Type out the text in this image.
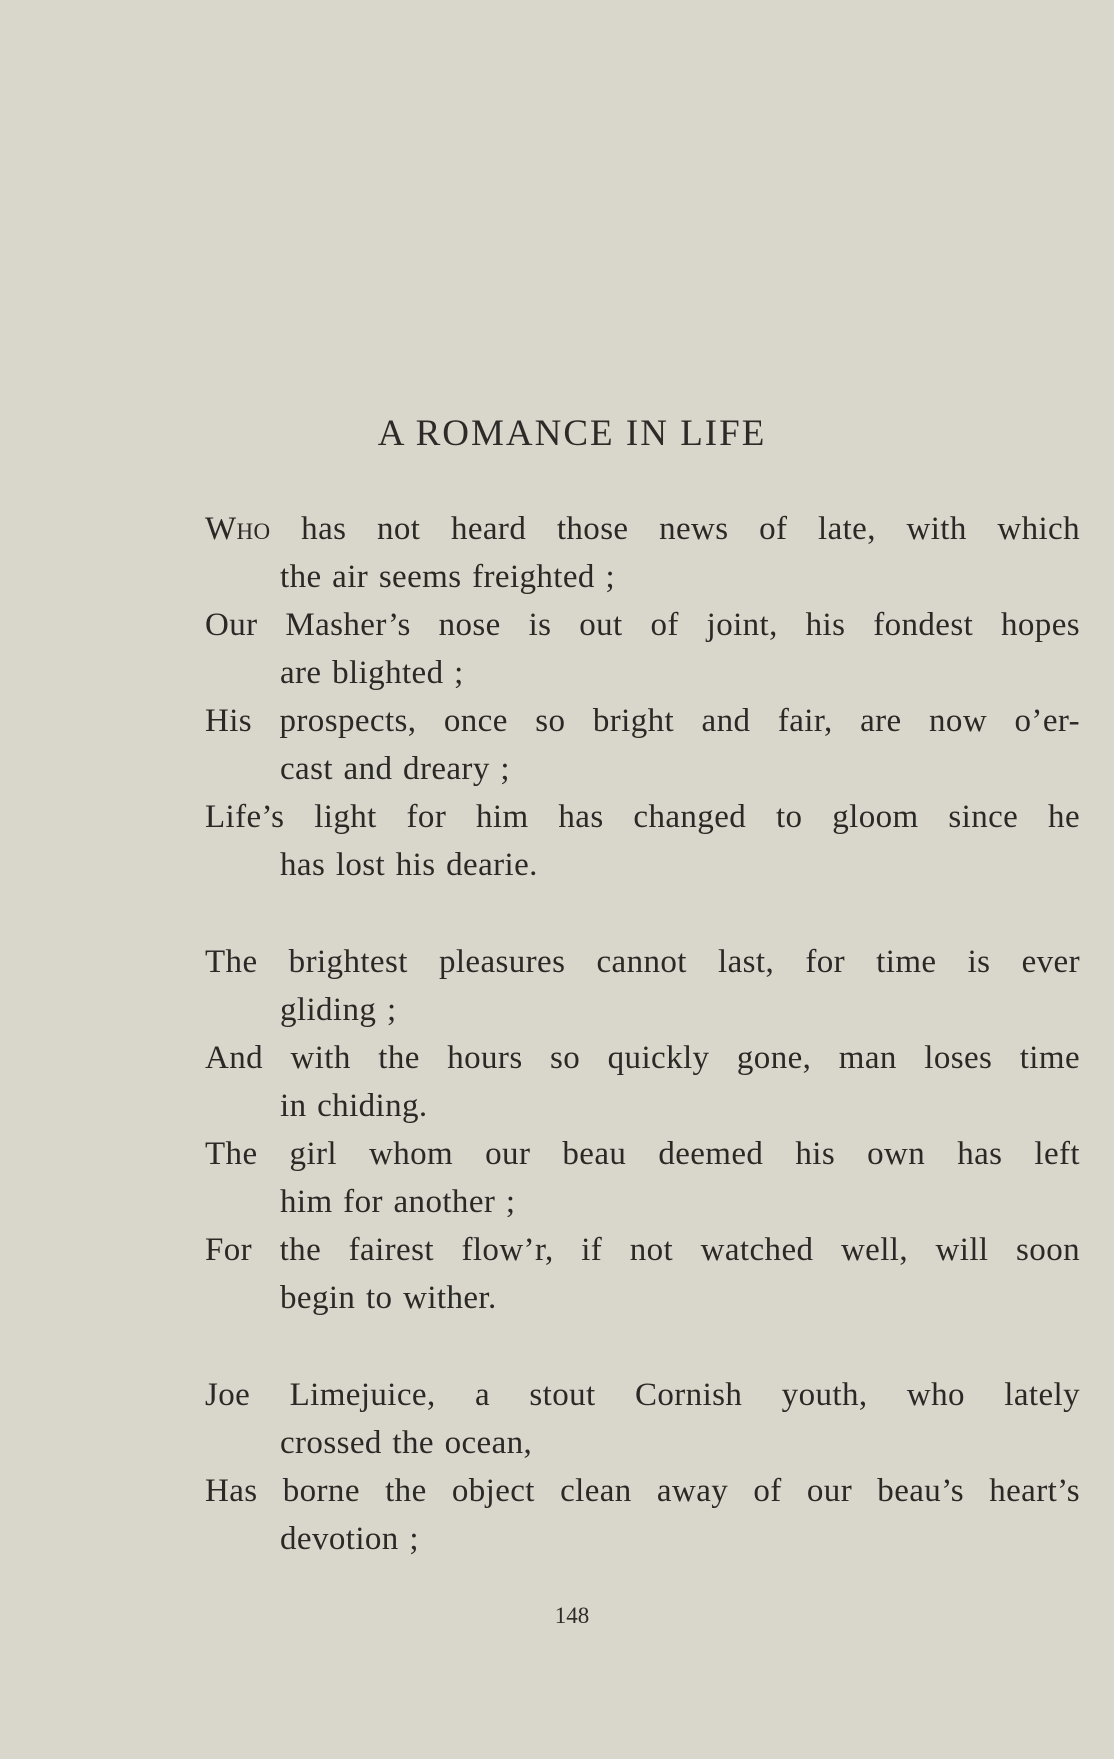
A ROMANCE IN LIFE
Who has not heard those news of late, with which
the air seems freighted ;
Our Masher’s nose is out of joint, his fondest hopes
are blighted ;
His prospects, once so bright and fair, are now o’er-
cast and dreary ;
Life’s light for him has changed to gloom since he
has lost his dearie.
The brightest pleasures cannot last, for time is ever
gliding ;
And with the hours so quickly gone, man loses time
in chiding.
The girl whom our beau deemed his own has left
him for another ;
For the fairest flow’r, if not watched well, will soon
begin to wither.
Joe Limejuice, a stout Cornish youth, who lately
crossed the ocean,
Has borne the object clean away of our beau’s heart’s
devotion ;
148
